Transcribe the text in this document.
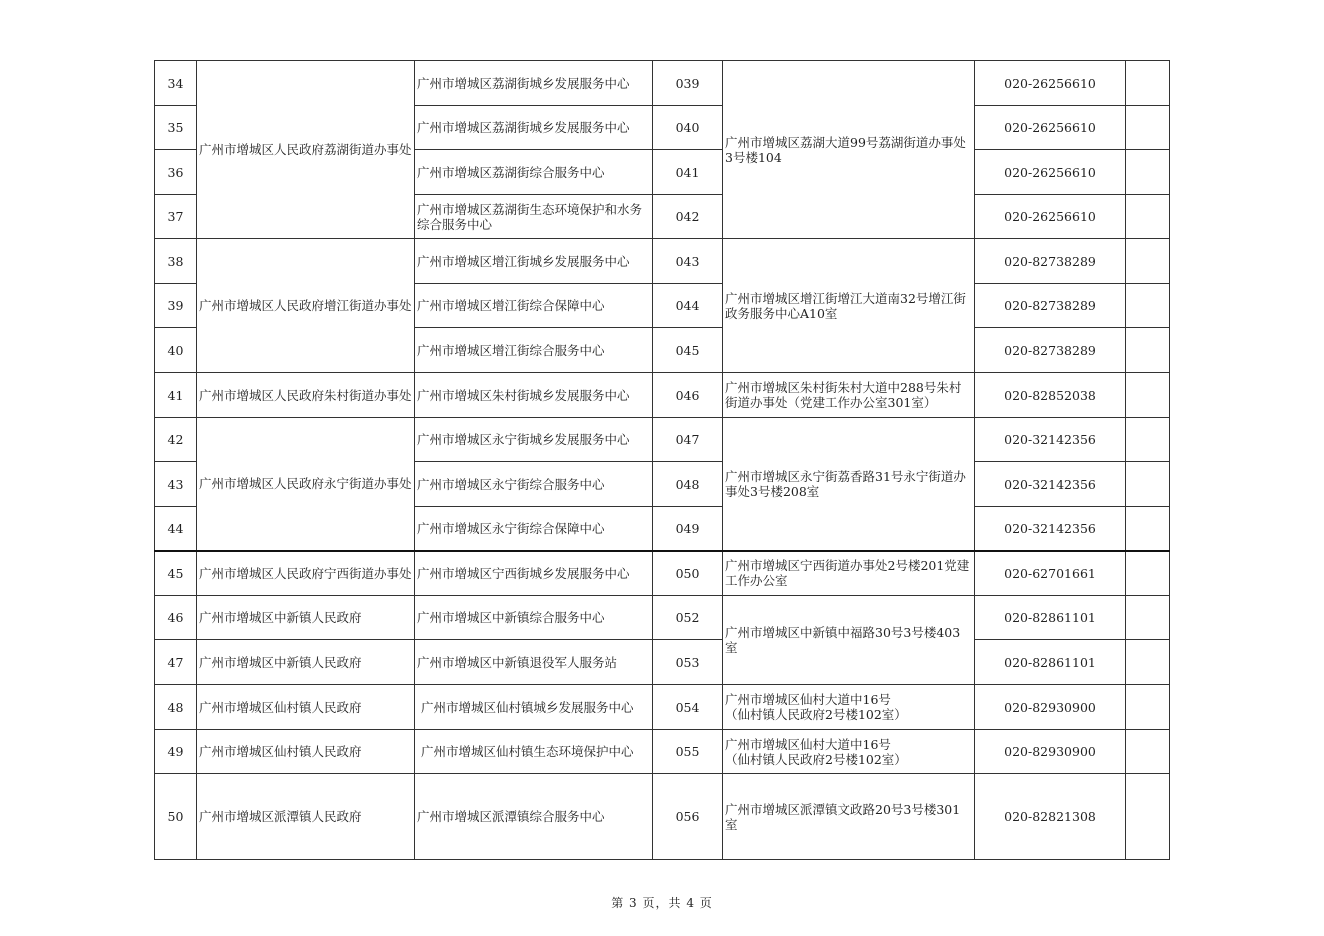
34	广州市增城区人民政府荔湖街道办事处	广州市增城区荔湖街城乡发展服务中心	039	广州市增城区荔湖大道99号荔湖街道办事处3号楼104	020-26256610	
35		广州市增城区荔湖街城乡发展服务中心	040		020-26256610	
36		广州市增城区荔湖街综合服务中心	041		020-26256610	
37		广州市增城区荔湖街生态环境保护和水务综合服务中心	042		020-26256610	
38	广州市增城区人民政府增江街道办事处	广州市增城区增江街城乡发展服务中心	043	广州市增城区增江街增江大道南32号增江街政务服务中心A10室	020-82738289	
39		广州市增城区增江街综合保障中心	044		020-82738289	
40		广州市增城区增江街综合服务中心	045		020-82738289	
41	广州市增城区人民政府朱村街道办事处	广州市增城区朱村街城乡发展服务中心	046	广州市增城区朱村街朱村大道中288号朱村街道办事处（党建工作办公室301室）	020-82852038	
42	广州市增城区人民政府永宁街道办事处	广州市增城区永宁街城乡发展服务中心	047	广州市增城区永宁街荔香路31号永宁街道办事处3号楼208室	020-32142356	
43		广州市增城区永宁街综合服务中心	048		020-32142356	
44		广州市增城区永宁街综合保障中心	049		020-32142356	
45	广州市增城区人民政府宁西街道办事处	广州市增城区宁西街城乡发展服务中心	050	广州市增城区宁西街道办事处2号楼201党建工作办公室	020-62701661	
46	广州市增城区中新镇人民政府	广州市增城区中新镇综合服务中心	052	广州市增城区中新镇中福路30号3号楼403室	020-82861101	
47	广州市增城区中新镇人民政府	广州市增城区中新镇退役军人服务站	053		020-82861101	
48	广州市增城区仙村镇人民政府	广州市增城区仙村镇城乡发展服务中心	054	广州市增城区仙村大道中16号
（仙村镇人民政府2号楼102室）	020-82930900	
49	广州市增城区仙村镇人民政府	广州市增城区仙村镇生态环境保护中心	055	广州市增城区仙村大道中16号
（仙村镇人民政府2号楼102室）	020-82930900	
50	广州市增城区派潭镇人民政府	广州市增城区派潭镇综合服务中心	056	广州市增城区派潭镇文政路20号3号楼301室	020-82821308	
第 3 页，共 4 页
